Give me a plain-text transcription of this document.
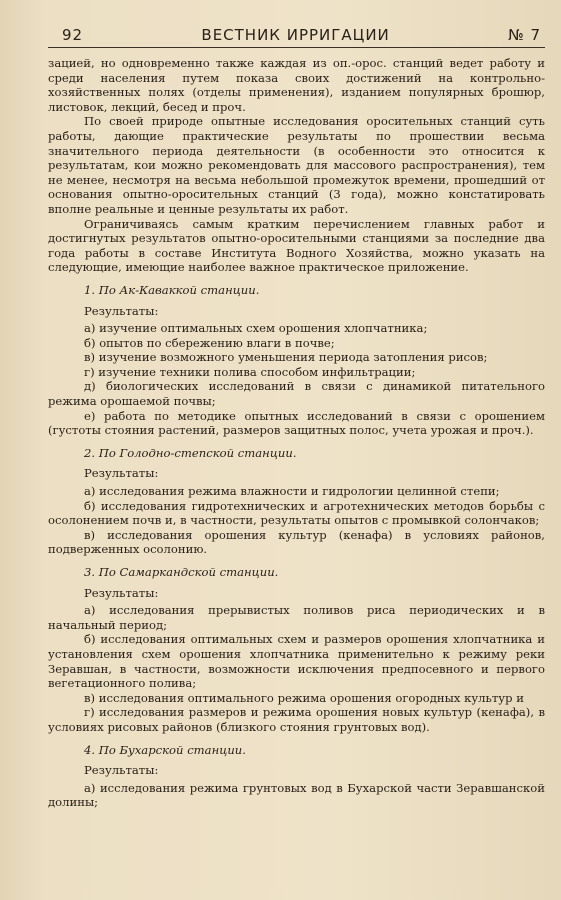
92	ВЕСТНИК ИРРИГАЦИИ	№ 7

зацией, но одновременно также каждая из оп.-орос. станций ведет работу и среди населения путем показа своих достижений на контрольно-хозяйственных полях (отделы применения), изданием популярных брошюр, листовок, лекций, бесед и проч.

По своей природе опытные исследования оросительных станций суть работы, дающие практические результаты по прошествии весьма значительного периода деятельности (в особенности это относится к результатам, кои можно рекомендовать для массового распространения), тем не менее, несмотря на весьма небольшой промежуток времени, прошедший от основания опытно-оросительных станций (3 года), можно констатировать вполне реальные и ценные результаты их работ.

Ограничиваясь самым кратким перечислением главных работ и достигнутых результатов опытно-оросительными станциями за последние два года работы в составе Института Водного Хозяйства, можно указать на следующие, имеющие наиболее важное практическое приложение.

1. По Ак-Каваккой станции.
Результаты:

а) изучение оптимальных схем орошения хлопчатника;

б) опытов по сбережению влаги в почве;

в) изучение возможного уменьшения периода затопления рисов;

г) изучение техники полива способом инфильтрации;

д) биологических исследований в связи с динамикой питательного режима орошаемой почвы;

е) работа по методике опытных исследований в связи с орошением (густоты стояния растений, размеров защитных полос, учета урожая и проч.).

2. По Голодно-степской станции.
Результаты:

а) исследования режима влажности и гидрологии целинной степи;

б) исследования гидротехнических и агротехнических методов борьбы с осолонением почв и, в частности, результаты опытов с промывкой солончаков;

в) исследования орошения культур (кенафа) в условиях районов, подверженных осолонию.

3. По Самаркандской станции.
Результаты:

а) исследования прерывистых поливов риса периодических и в начальный период;

б) исследования оптимальных схем и размеров орошения хлопчатника и установления схем орошения хлопчатника применительно к режиму реки Зеравшан, в частности, возможности исключения предпосевного и первого вегетационного полива;

в) исследования оптимального режима орошения огородных культур и

г) исследования размеров и режима орошения новых культур (кенафа), в условиях рисовых районов (близкого стояния грунтовых вод).

4. По Бухарской станции.
Результаты:

а) исследования режима грунтовых вод в Бухарской части Зеравшанской долины;
